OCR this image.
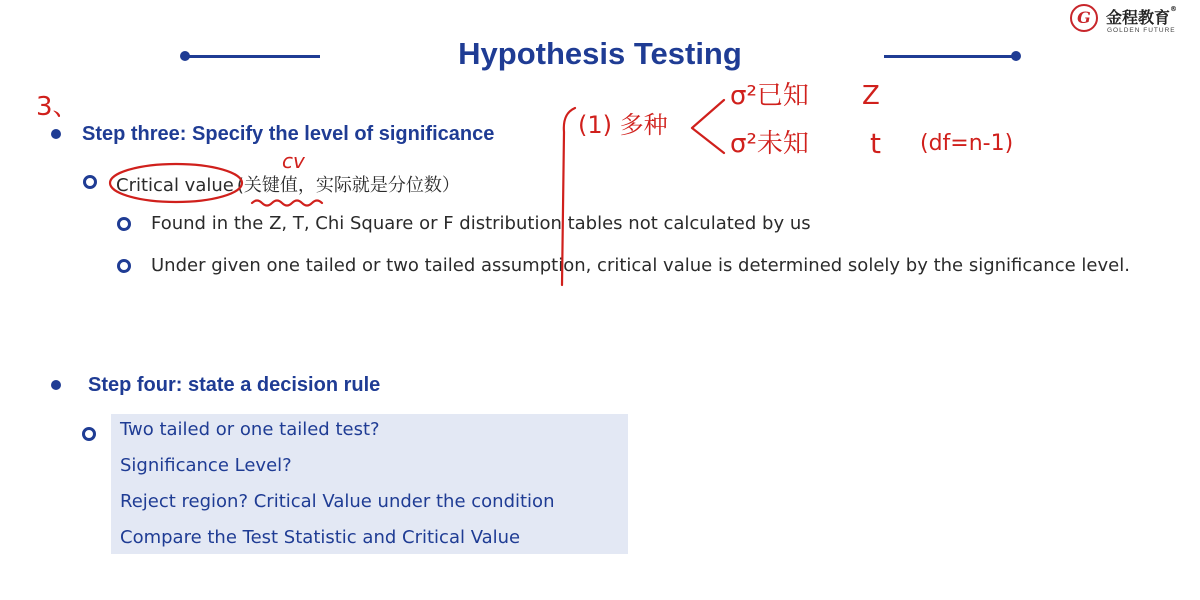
Hypothesis Testing
G 金程教育®
GOLDEN FUTURE
Step three: Specify the level of significance
Critical value (关键值，实际就是分位数）
Found in the Z, T, Chi Square or F distribution tables not calculated by us
Under given one tailed or two tailed assumption, critical value is determined solely by the significance level.
Step four: state a decision rule
Two tailed or one tailed test?
Significance Level?
Reject region? Critical Value under the condition
Compare the Test Statistic and Critical Value
3、
cv
(1) 多种
σ²已知 Z
σ²未知 t (df=n-1)
